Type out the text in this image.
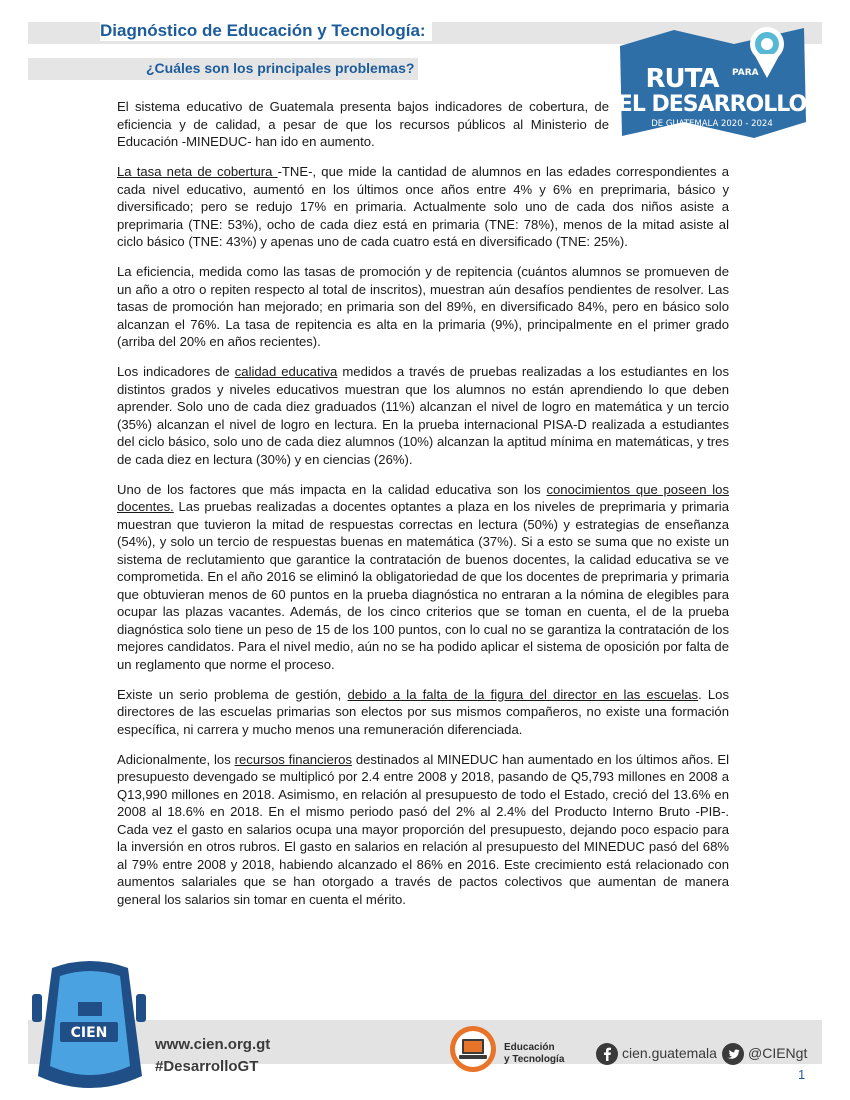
Diagnóstico de Educación y Tecnología:
¿Cuáles son los principales problemas?	RUTA	PARA
EL DESARROLLO
DE GUATEMALA 2020 - 2024

El sistema educativo de Guatemala presenta bajos indicadores de cobertura, de eficiencia y de calidad, a pesar de que los recursos públicos al Ministerio de Educación -MINEDUC- han ido en aumento.

La tasa neta de cobertura -TNE-, que mide la cantidad de alumnos en las edades correspondientes a cada nivel educativo, aumentó en los últimos once años entre 4% y 6% en preprimaria, básico y diversificado; pero se redujo 17% en primaria. Actualmente solo uno de cada dos niños asiste a preprimaria (TNE: 53%), ocho de cada diez está en primaria (TNE: 78%), menos de la mitad asiste al ciclo básico (TNE: 43%) y apenas uno de cada cuatro está en diversificado (TNE: 25%).

La eficiencia, medida como las tasas de promoción y de repitencia (cuántos alumnos se promueven de un año a otro o repiten respecto al total de inscritos), muestran aún desafíos pendientes de resolver. Las tasas de promoción han mejorado; en primaria son del 89%, en diversificado 84%, pero en básico solo alcanzan el 76%. La tasa de repitencia es alta en la primaria (9%), principalmente en el primer grado (arriba del 20% en años recientes).

Los indicadores de calidad educativa medidos a través de pruebas realizadas a los estudiantes en los distintos grados y niveles educativos muestran que los alumnos no están aprendiendo lo que deben aprender. Solo uno de cada diez graduados (11%) alcanzan el nivel de logro en matemática y un tercio (35%) alcanzan el nivel de logro en lectura. En la prueba internacional PISA-D realizada a estudiantes del ciclo básico, solo uno de cada diez alumnos (10%) alcanzan la aptitud mínima en matemáticas, y tres de cada diez en lectura (30%) y en ciencias (26%).

Uno de los factores que más impacta en la calidad educativa son los conocimientos que poseen los docentes. Las pruebas realizadas a docentes optantes a plaza en los niveles de preprimaria y primaria muestran que tuvieron la mitad de respuestas correctas en lectura (50%) y estrategias de enseñanza (54%), y solo un tercio de respuestas buenas en matemática (37%). Si a esto se suma que no existe un sistema de reclutamiento que garantice la contratación de buenos docentes, la calidad educativa se ve comprometida. En el año 2016 se eliminó la obligatoriedad de que los docentes de preprimaria y primaria que obtuvieran menos de 60 puntos en la prueba diagnóstica no entraran a la nómina de elegibles para ocupar las plazas vacantes. Además, de los cinco criterios que se toman en cuenta, el de la prueba diagnóstica solo tiene un peso de 15 de los 100 puntos, con lo cual no se garantiza la contratación de los mejores candidatos. Para el nivel medio, aún no se ha podido aplicar el sistema de oposición por falta de un reglamento que norme el proceso.

Existe un serio problema de gestión, debido a la falta de la figura del director en las escuelas. Los directores de las escuelas primarias son electos por sus mismos compañeros, no existe una formación específica, ni carrera y mucho menos una remuneración diferenciada.

Adicionalmente, los recursos financieros destinados al MINEDUC han aumentado en los últimos años. El presupuesto devengado se multiplicó por 2.4 entre 2008 y 2018, pasando de Q5,793 millones en 2008 a Q13,990 millones en 2018. Asimismo, en relación al presupuesto de todo el Estado, creció del 13.6% en 2008 al 18.6% en 2018. En el mismo periodo pasó del 2% al 2.4% del Producto Interno Bruto -PIB-. Cada vez el gasto en salarios ocupa una mayor proporción del presupuesto, dejando poco espacio para la inversión en otros rubros. El gasto en salarios en relación al presupuesto del MINEDUC pasó del 68% al 79% entre 2008 y 2018, habiendo alcanzado el 86% en 2016. Este crecimiento está relacionado con aumentos salariales que se han otorgado a través de pactos colectivos que aumentan de manera general los salarios sin tomar en cuenta el mérito.

CIEN
www.cien.org.gt
#DesarrolloGT
Educación
y Tecnología	cien.guatemala @CIENgt
1
